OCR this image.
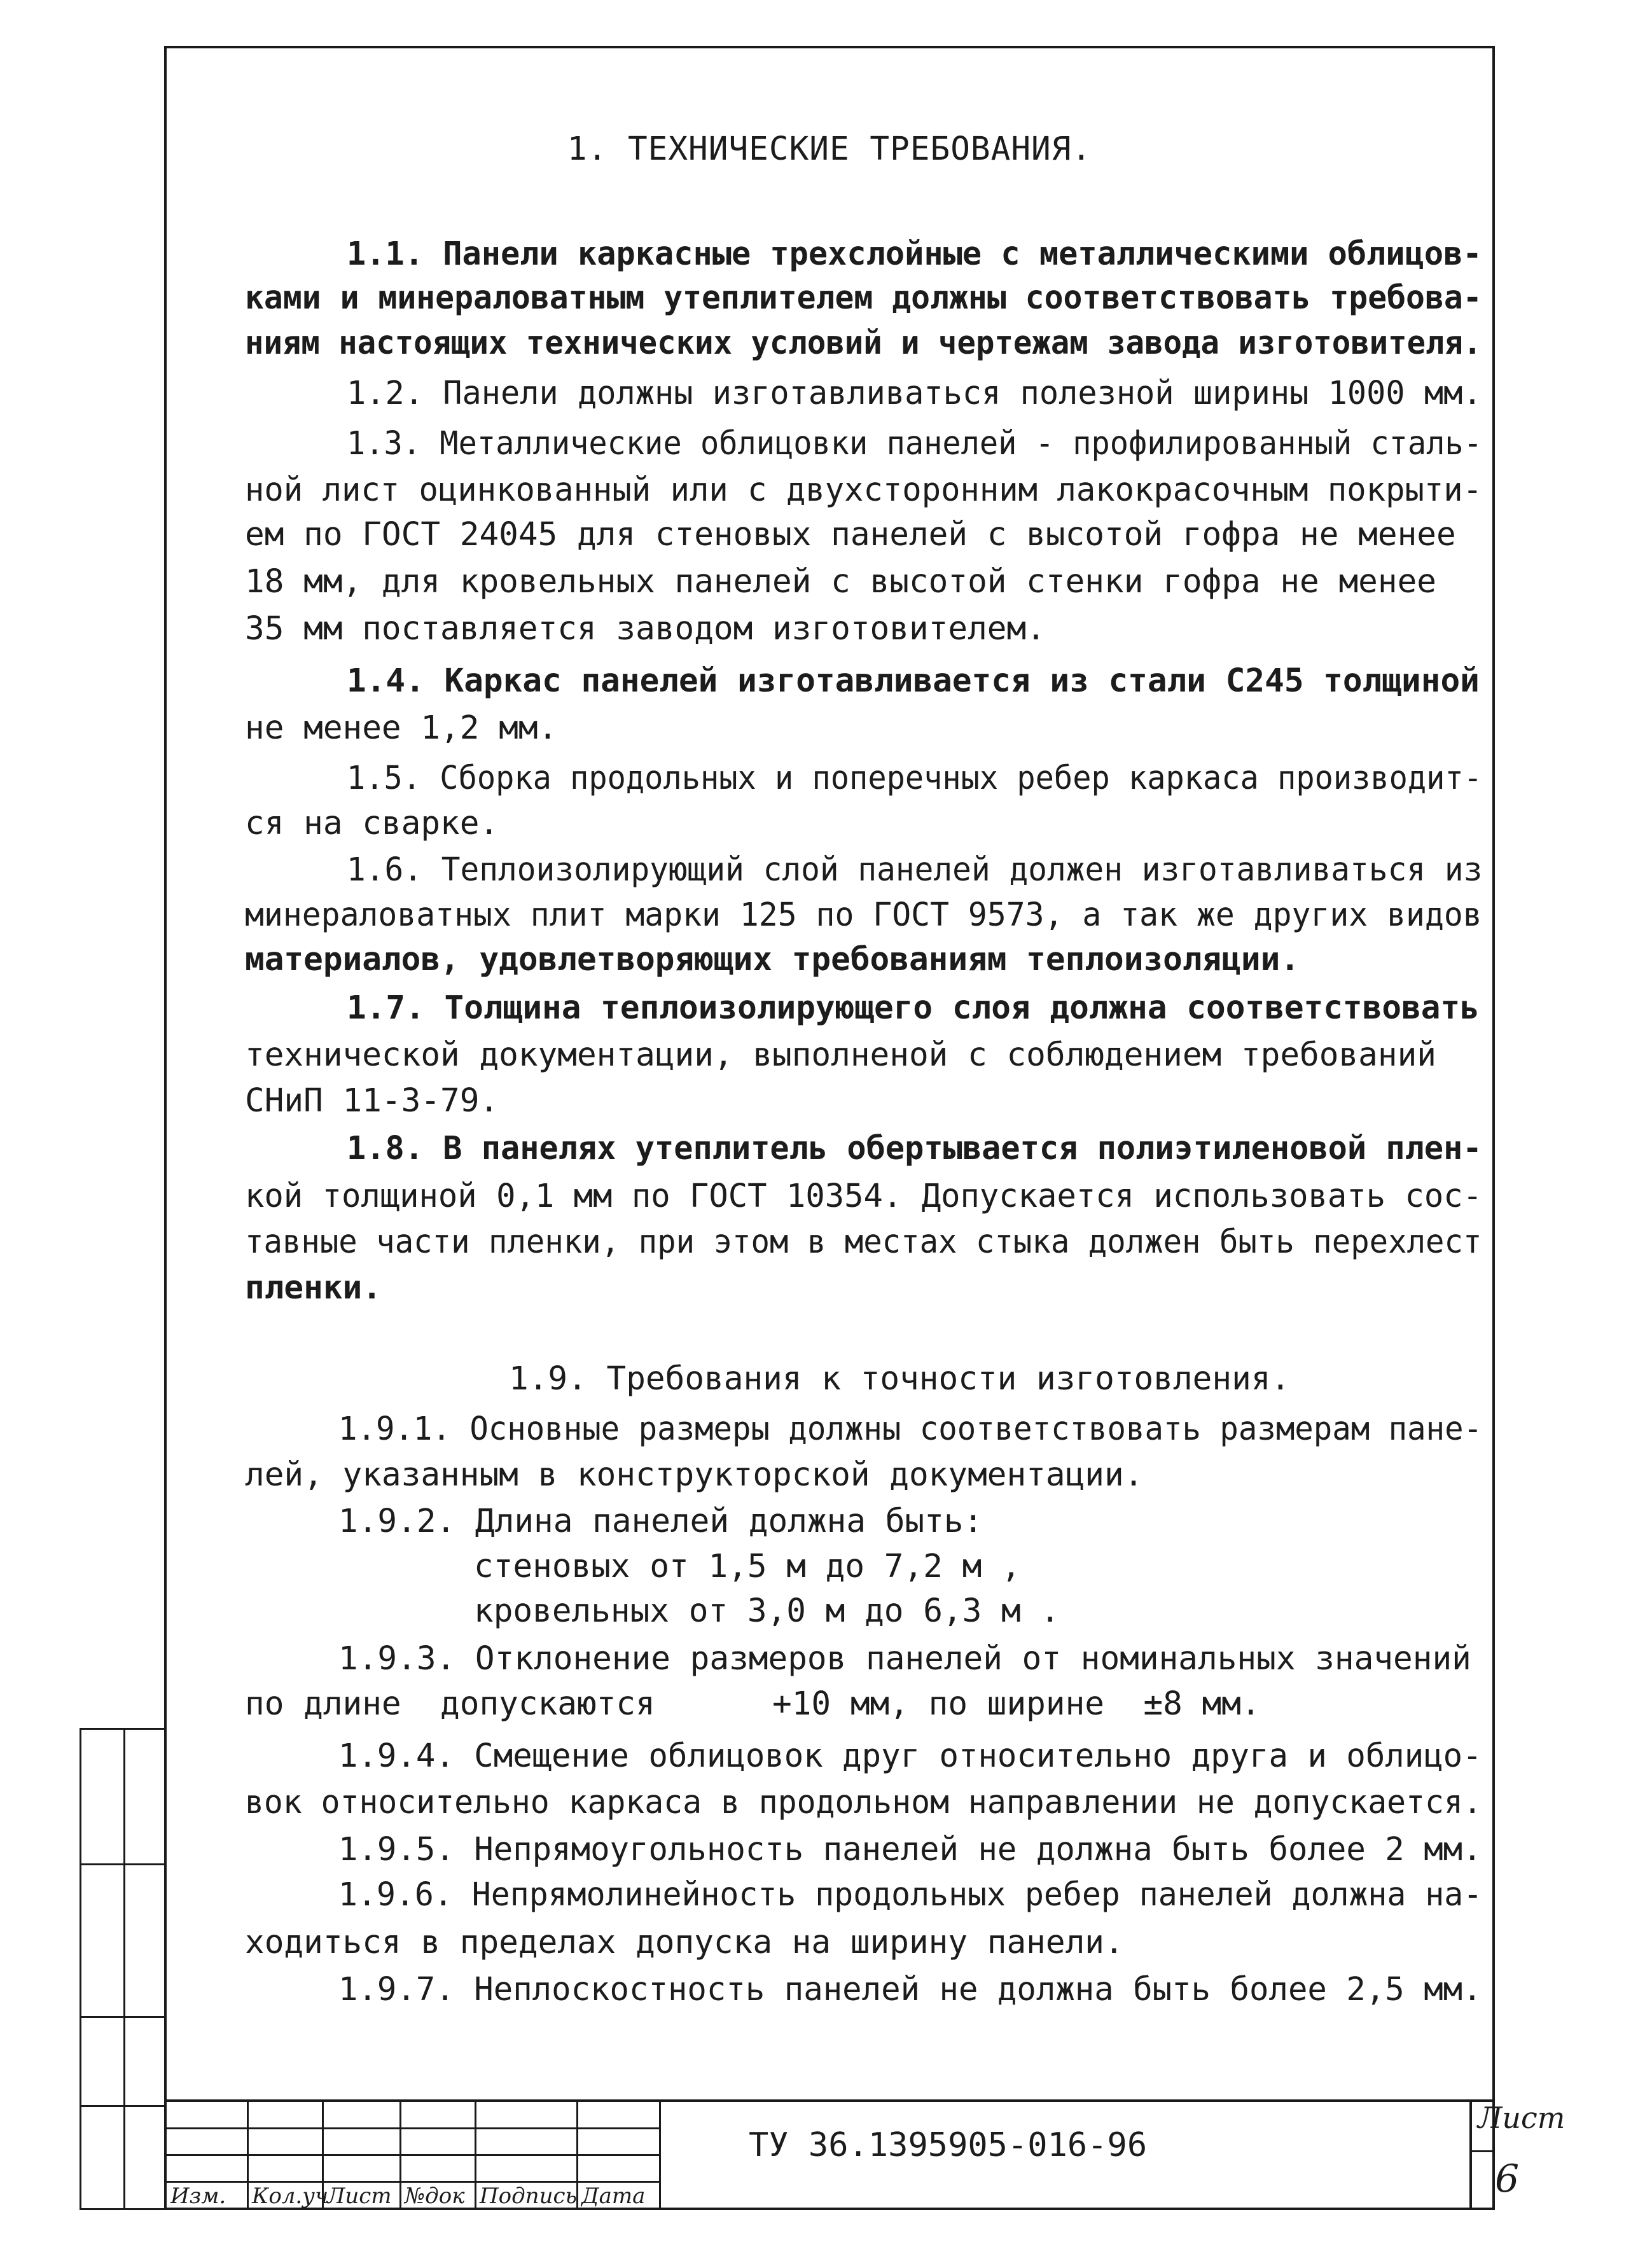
1. ТЕХНИЧЕСКИЕ ТРЕБОВАНИЯ.
1.1. Панели каркасные трехслойные с металлическими облицов-
ками и минераловатным утеплителем должны соответствовать требова-
ниям настоящих технических условий и чертежам завода изготовителя.
1.2. Панели должны изготавливаться полезной ширины 1000 мм.
1.3. Металлические облицовки панелей - профилированный сталь-
ной лист оцинкованный или с двухсторонним лакокрасочным покрыти-
ем по ГОСТ 24045 для стеновых панелей с высотой гофра не менее
18 мм, для кровельных панелей с высотой стенки гофра не менее
35 мм поставляется заводом изготовителем.
1.4. Каркас панелей изготавливается из стали С245 толщиной
не менее 1,2 мм.
1.5. Сборка продольных и поперечных ребер каркаса производит-
ся на сварке.
1.6. Теплоизолирующий слой панелей должен изготавливаться из
минераловатных плит марки 125 по ГОСТ 9573, а так же других видов
материалов, удовлетворяющих требованиям теплоизоляции.
1.7. Толщина теплоизолирующего слоя должна соответствовать
технической документации, выполненой с соблюдением требований
СНиП 11-3-79.
1.8. В панелях утеплитель обертывается полиэтиленовой плен-
кой толщиной 0,1 мм по ГОСТ 10354. Допускается использовать сос-
тавные части пленки, при этом в местах стыка должен быть перехлест
пленки.
1.9. Требования к точности изготовления.
1.9.1. Основные размеры должны соответствовать размерам пане-
лей, указанным в конструкторской документации.
1.9.2. Длина панелей должна быть:
стеновых от 1,5 м до 7,2 м ,
кровельных от 3,0 м до 6,3 м .
1.9.3. Отклонение размеров панелей от номинальных значений
по длине  допускаются      +10 мм, по ширине  ±8 мм.
1.9.4. Смещение облицовок друг относительно друга и облицо-
вок относительно каркаса в продольном направлении не допускается.
1.9.5. Непрямоугольность панелей не должна быть более 2 мм.
1.9.6. Непрямолинейность продольных ребер панелей должна на-
ходиться в пределах допуска на ширину панели.
1.9.7. Неплоскостность панелей не должна быть более 2,5 мм.
Изм. Кол.уч
Лист №док Подпись Дата
ТУ 36.1395905-016-96
Лист
6
